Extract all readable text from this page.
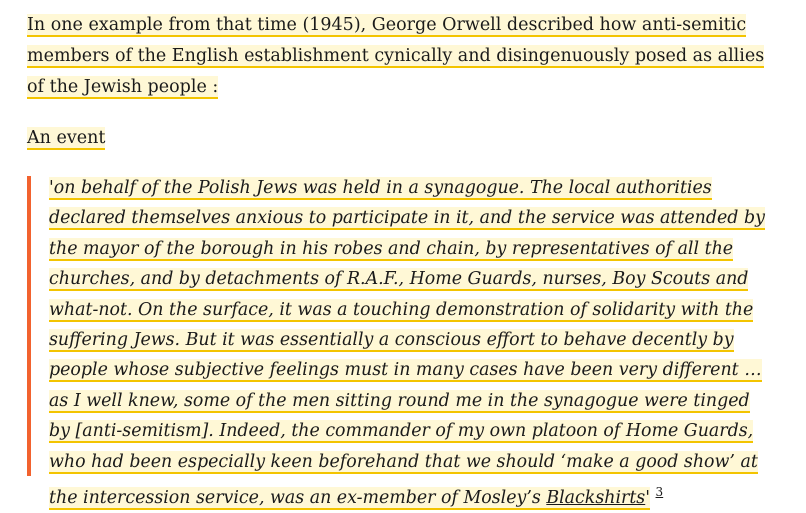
In one example from that time (1945), George Orwell described how anti-semitic members of the English establishment cynically and disingenuously posed as allies of the Jewish people :

An event

'on behalf of the Polish Jews was held in a synagogue. The local authorities declared themselves anxious to participate in it, and the service was attended by the mayor of the borough in his robes and chain, by representatives of all the churches, and by detachments of R.A.F., Home Guards, nurses, Boy Scouts and what-not. On the surface, it was a touching demonstration of solidarity with the suffering Jews. But it was essentially a conscious effort to behave decently by people whose subjective feelings must in many cases have been very different … as I well knew, some of the men sitting round me in the synagogue were tinged by [anti-semitism]. Indeed, the commander of my own platoon of Home Guards, who had been especially keen beforehand that we should ‘make a good show’ at the intercession service, was an ex-member of Mosley’s Blackshirts' $^3$
